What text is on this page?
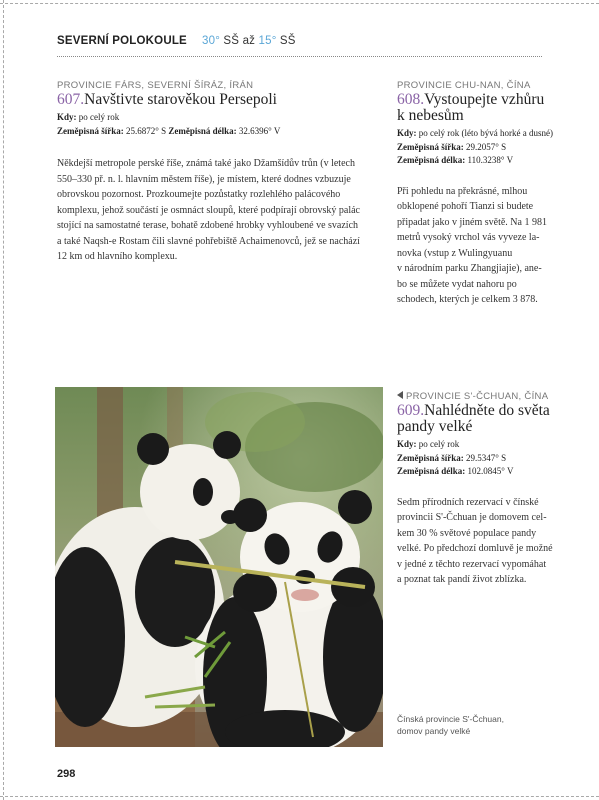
SEVERNÍ POLOKOULE 30° SŠ až 15° SŠ
PROVINCIE FÁRS, SEVERNÍ ŠÍRÁZ, ÍRÁN
607.Navštivte starověkou Persepoli
Kdy: po celý rok
Zeměpisná šířka: 25.6872° S Zeměpisná délka: 32.6396° V
Někdejší metropole perské říše, známá také jako Džamšídův trůn (v letech
550–330 př. n. l. hlavním městem říše), je místem, které dodnes vzbuzuje
obrovskou pozornost. Prozkoumejte pozůstatky rozlehlého palácového
komplexu, jehož součástí je osmnáct sloupů, které podpírají obrovský palác
stojící na samostatné terase, bohatě zdobené hrobky vyhloubené ve svazích
a také Naqsh-e Rostam čili slavné pohřebiště Achaimenovců, jež se nachází
12 km od hlavního komplexu.
PROVINCIE CHU-NAN, ČÍNA
608.Vystoupejte vzhůru
k nebesům
Kdy: po celý rok (léto bývá horké a dusné)
Zeměpisná šířka: 29.2057° S
Zeměpisná délka: 110.3238° V
Při pohledu na překrásné, mlhou
obklopené pohoří Tianzi si budete
připadat jako v jiném světě. Na 1 981
metrů vysoký vrchol vás vyveze la-
novka (vstup z Wulingyuanu
v národním parku Zhangjiajie), ane-
bo se můžete vydat nahoru po
schodech, kterých je celkem 3 878.
PROVINCIE S'-ČCHUAN, ČÍNA
609.Nahlédněte do světa
pandy velké
Kdy: po celý rok
Zeměpisná šířka: 29.5347° S
Zeměpisná délka: 102.0845° V
Sedm přírodních rezervací v čínské
provincii S'-Čchuan je domovem cel-
kem 30 % světové populace pandy
velké. Po předchozí domluvě je možné
v jedné z těchto rezervací vypomáhat
a poznat tak pandí život zblízka.
Čínská provincie S'-Čchuan,
domov pandy velké
298
